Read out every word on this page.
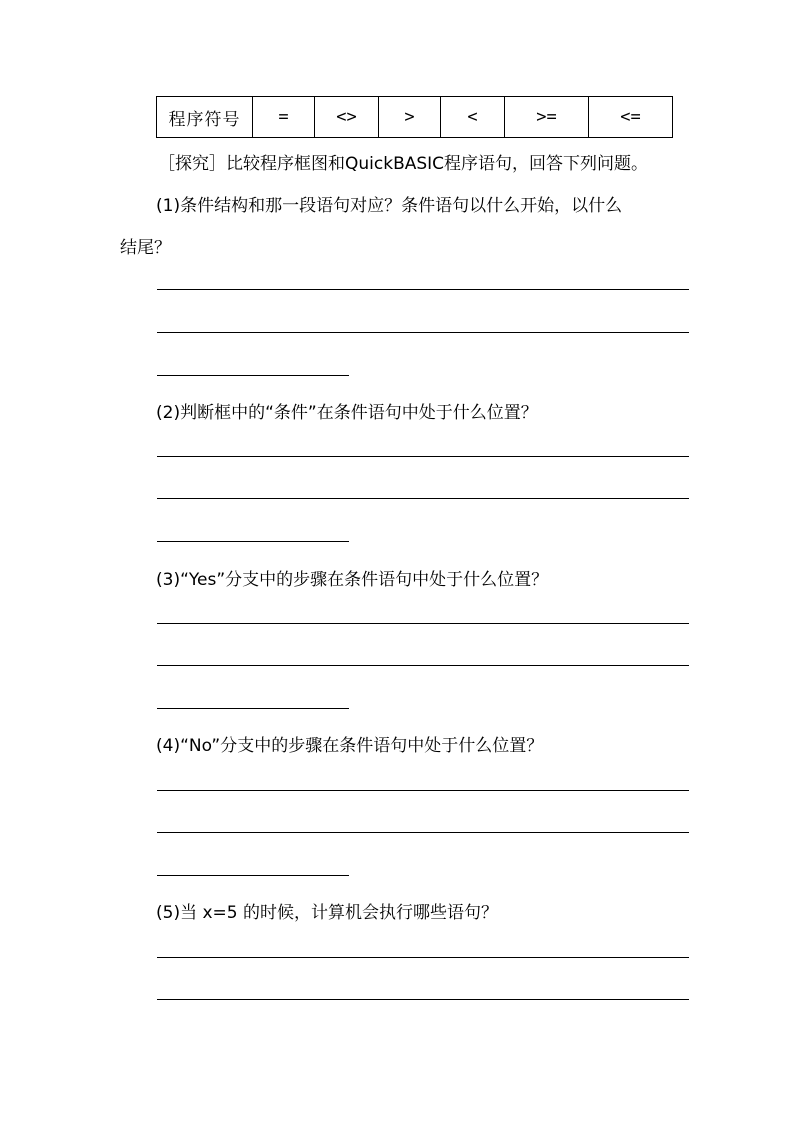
程序符号	=	<>	>	<	>=	<=
［探究］比较程序框图和QuickBASIC程序语句，回答下列问题。
(1)条件结构和那一段语句对应？条件语句以什么开始，以什么
结尾？
(2)判断框中的“条件”在条件语句中处于什么位置？
(3)“Yes”分支中的步骤在条件语句中处于什么位置？
(4)“No”分支中的步骤在条件语句中处于什么位置？
(5)当 x=5 的时候，计算机会执行哪些语句？
